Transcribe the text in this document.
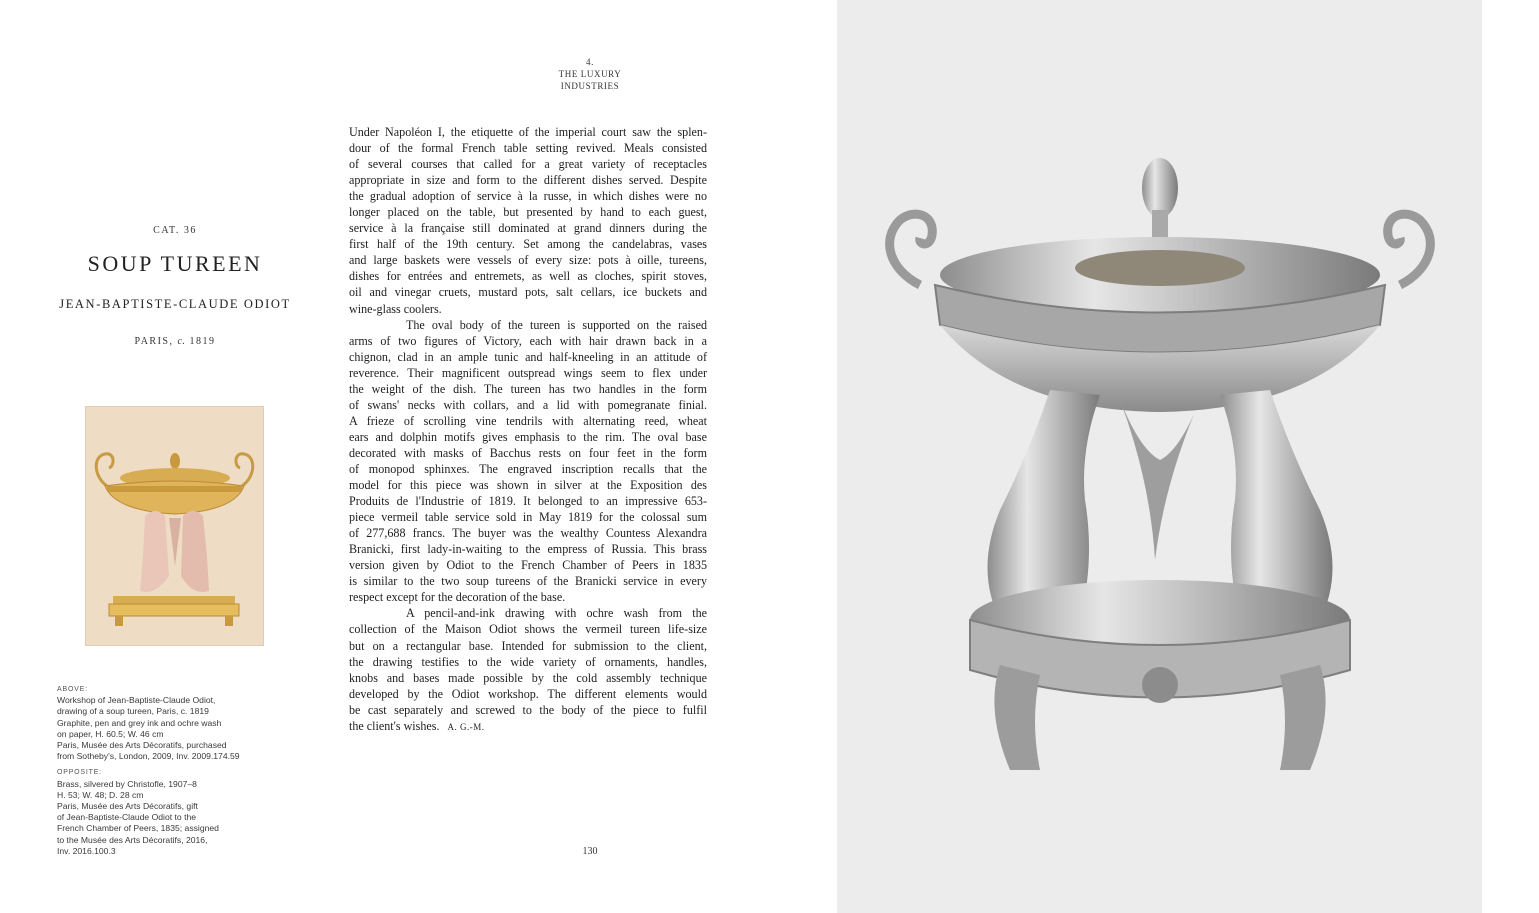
4.
THE LUXURY
INDUSTRIES
CAT. 36
SOUP TUREEN
JEAN-BAPTISTE-CLAUDE ODIOT
PARIS, c. 1819
ABOVE:
Workshop of Jean-Baptiste-Claude Odiot,
drawing of a soup tureen, Paris, c. 1819
Graphite, pen and grey ink and ochre wash
on paper, H. 60.5; W. 46 cm
Paris, Musée des Arts Décoratifs, purchased
from Sotheby's, London, 2009, Inv. 2009.174.59
OPPOSITE:
Brass, silvered by Christofle, 1907–8
H. 53; W. 48; D. 28 cm
Paris, Musée des Arts Décoratifs, gift
of Jean-Baptiste-Claude Odiot to the
French Chamber of Peers, 1835; assigned
to the Musée des Arts Décoratifs, 2016,
Inv. 2016.100.3
Under Napoléon I, the etiquette of the imperial court saw the splen-
dour of the formal French table setting revived. Meals consisted
of several courses that called for a great variety of receptacles
appropriate in size and form to the different dishes served. Despite
the gradual adoption of service à la russe, in which dishes were no
longer placed on the table, but presented by hand to each guest,
service à la française still dominated at grand dinners during the
first half of the 19th century. Set among the candelabras, vases
and large baskets were vessels of every size: pots à oille, tureens,
dishes for entrées and entremets, as well as cloches, spirit stoves,
oil and vinegar cruets, mustard pots, salt cellars, ice buckets and
wine-glass coolers.
The oval body of the tureen is supported on the raised
arms of two figures of Victory, each with hair drawn back in a
chignon, clad in an ample tunic and half-kneeling in an attitude of
reverence. Their magnificent outspread wings seem to flex under
the weight of the dish. The tureen has two handles in the form
of swans' necks with collars, and a lid with pomegranate finial.
A frieze of scrolling vine tendrils with alternating reed, wheat
ears and dolphin motifs gives emphasis to the rim. The oval base
decorated with masks of Bacchus rests on four feet in the form
of monopod sphinxes. The engraved inscription recalls that the
model for this piece was shown in silver at the Exposition des
Produits de l'Industrie of 1819. It belonged to an impressive 653-
piece vermeil table service sold in May 1819 for the colossal sum
of 277,688 francs. The buyer was the wealthy Countess Alexandra
Branicki, first lady-in-waiting to the empress of Russia. This brass
version given by Odiot to the French Chamber of Peers in 1835
is similar to the two soup tureens of the Branicki service in every
respect except for the decoration of the base.
A pencil-and-ink drawing with ochre wash from the
collection of the Maison Odiot shows the vermeil tureen life-size
but on a rectangular base. Intended for submission to the client,
the drawing testifies to the wide variety of ornaments, handles,
knobs and bases made possible by the cold assembly technique
developed by the Odiot workshop. The different elements would
be cast separately and screwed to the body of the piece to fulfil
the client's wishes. A. G.-M.
130
